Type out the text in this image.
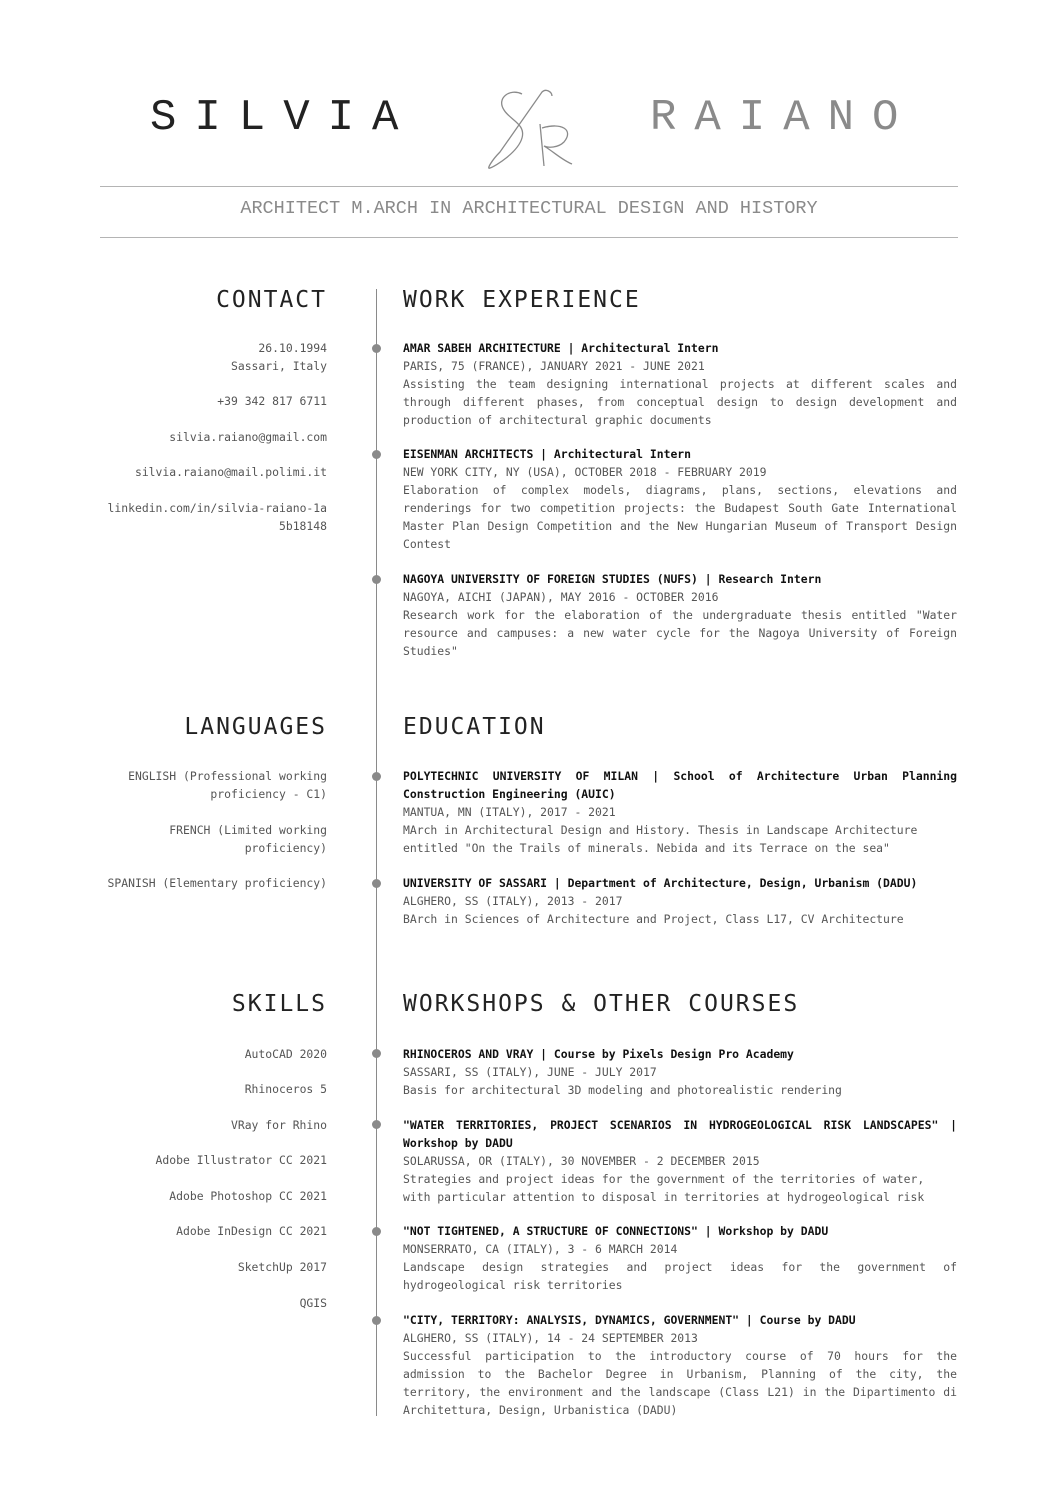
SILVIA	RAIANO
ARCHITECT M.ARCH IN ARCHITECTURAL DESIGN AND HISTORY
CONTACT
26.10.1994
Sassari, Italy
+39 342 817 6711
silvia.raiano@gmail.com
silvia.raiano@mail.polimi.it
linkedin.com/in/silvia-raiano-1a
5b18148
LANGUAGES
ENGLISH (Professional working
proficiency - C1)
FRENCH (Limited working
proficiency)
SPANISH (Elementary proficiency)
SKILLS
AutoCAD 2020
Rhinoceros 5
VRay for Rhino
Adobe Illustrator CC 2021
Adobe Photoshop CC 2021
Adobe InDesign CC 2021
SketchUp 2017
QGIS
WORK EXPERIENCE
AMAR SABEH ARCHITECTURE | Architectural Intern
PARIS, 75 (FRANCE), JANUARY 2021 - JUNE 2021
Assisting the team designing international projects at different scales and through different phases, from conceptual design to design development and production of architectural graphic documents
EISENMAN ARCHITECTS | Architectural Intern
NEW YORK CITY, NY (USA), OCTOBER 2018 - FEBRUARY 2019
Elaboration of complex models, diagrams, plans, sections, elevations and renderings for two competition projects: the Budapest South Gate International Master Plan Design Competition and the New Hungarian Museum of Transport Design Contest
NAGOYA UNIVERSITY OF FOREIGN STUDIES (NUFS) | Research Intern
NAGOYA, AICHI (JAPAN), MAY 2016 - OCTOBER 2016
Research work for the elaboration of the undergraduate thesis entitled "Water resource and campuses: a new water cycle for the Nagoya University of Foreign Studies"
EDUCATION
POLYTECHNIC UNIVERSITY OF MILAN | School of Architecture Urban Planning Construction Engineering (AUIC)
MANTUA, MN (ITALY), 2017 - 2021
MArch in Architectural Design and History. Thesis in Landscape Architecture entitled "On the Trails of minerals. Nebida and its Terrace on the sea"
UNIVERSITY OF SASSARI | Department of Architecture, Design, Urbanism (DADU)
ALGHERO, SS (ITALY), 2013 - 2017
BArch in Sciences of Architecture and Project, Class L17, CV Architecture
WORKSHOPS & OTHER COURSES
RHINOCEROS AND VRAY | Course by Pixels Design Pro Academy
SASSARI, SS (ITALY), JUNE - JULY 2017
Basis for architectural 3D modeling and photorealistic rendering
"WATER TERRITORIES, PROJECT SCENARIOS IN HYDROGEOLOGICAL RISK LANDSCAPES" | Workshop by DADU
SOLARUSSA, OR (ITALY), 30 NOVEMBER - 2 DECEMBER 2015
Strategies and project ideas for the government of the territories of water, with particular attention to disposal in territories at hydrogeological risk
"NOT TIGHTENED, A STRUCTURE OF CONNECTIONS" | Workshop by DADU
MONSERRATO, CA (ITALY), 3 - 6 MARCH 2014
Landscape design strategies and project ideas for the government of hydrogeological risk territories
"CITY, TERRITORY: ANALYSIS, DYNAMICS, GOVERNMENT" | Course by DADU
ALGHERO, SS (ITALY), 14 - 24 SEPTEMBER 2013
Successful participation to the introductory course of 70 hours for the admission to the Bachelor Degree in Urbanism, Planning of the city, the territory, the environment and the landscape (Class L21) in the Dipartimento di Architettura, Design, Urbanistica (DADU)
